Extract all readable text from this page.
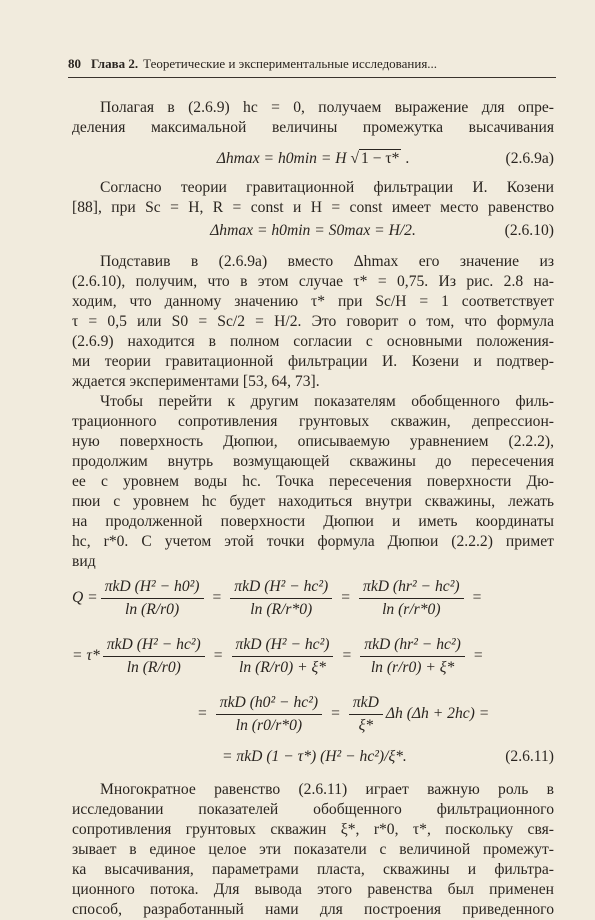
80 Глава 2. Теоретические и экспериментальные исследования...
Полагая в (2.6.9) hc = 0, получаем выражение для опре-
деления максимальной величины промежутка высачивания
Δhmax = h0min = H √ 1 − τ* .	(2.6.9а)
Согласно теории гравитационной фильтрации И. Козени
[88], при Sc = H, R = const и H = const имеет место равенство
Δhmax = h0min = S0max = H/2.	(2.6.10)
Подставив в (2.6.9а) вместо Δhmax его значение из
(2.6.10), получим, что в этом случае τ* = 0,75. Из рис. 2.8 на-
ходим, что данному значению τ* при Sc/H = 1 соответствует
τ = 0,5 или S0 = Sc/2 = H/2. Это говорит о том, что формула
(2.6.9) находится в полном согласии с основными положения-
ми теории гравитационной фильтрации И. Козени и подтвер-
ждается экспериментами [53, 64, 73].
Чтобы перейти к другим показателям обобщенного филь-
трационного сопротивления грунтовых скважин, депрессион-
ную поверхность Дюпюи, описываемую уравнением (2.2.2),
продолжим внутрь возмущающей скважины до пересечения
ее с уровнем воды hc. Точка пересечения поверхности Дю-
пюи с уровнем hc будет находиться внутри скважины, лежать
на продолженной поверхности Дюпюи и иметь координаты
hc, r*0. С учетом этой точки формула Дюпюи (2.2.2) примет
вид
$Q = \frac{\text{πkD (H² − h0²)}}{\ln (R/r0)} = \frac{\text{πkD (H² − hc²)}}{\ln (R/r*0)} = \frac{\text{πkD (hr² − hc²)}}{\ln (r/r*0)}$ =
= $\tau* \frac{\text{πkD (H² − hc²)}}{\ln (R/r0)} = \frac{\text{πkD (H² − hc²)}}{\ln (R/r0) + \xi*} = \frac{\text{πkD (hr² − hc²)}}{\ln (r/r0) + \xi*}$ =
= $\frac{\text{πkD (h0² − hc²)}}{\ln (r0/r*0)} = \frac{\text{πkD}}{\xi*}$ Δh (Δh + 2hc) =
= πkD (1 − τ*) (H² − hc²)/ξ*.	(2.6.11)
Многократное равенство (2.6.11) играет важную роль в
исследовании показателей обобщенного фильтрационного
сопротивления грунтовых скважин ξ*, r*0, τ*, поскольку свя-
зывает в единое целое эти показатели с величиной промежут-
ка высачивания, параметрами пласта, скважины и фильтра-
ционного потока. Для вывода этого равенства был применен
способ, разработанный нами для построения приведенного
